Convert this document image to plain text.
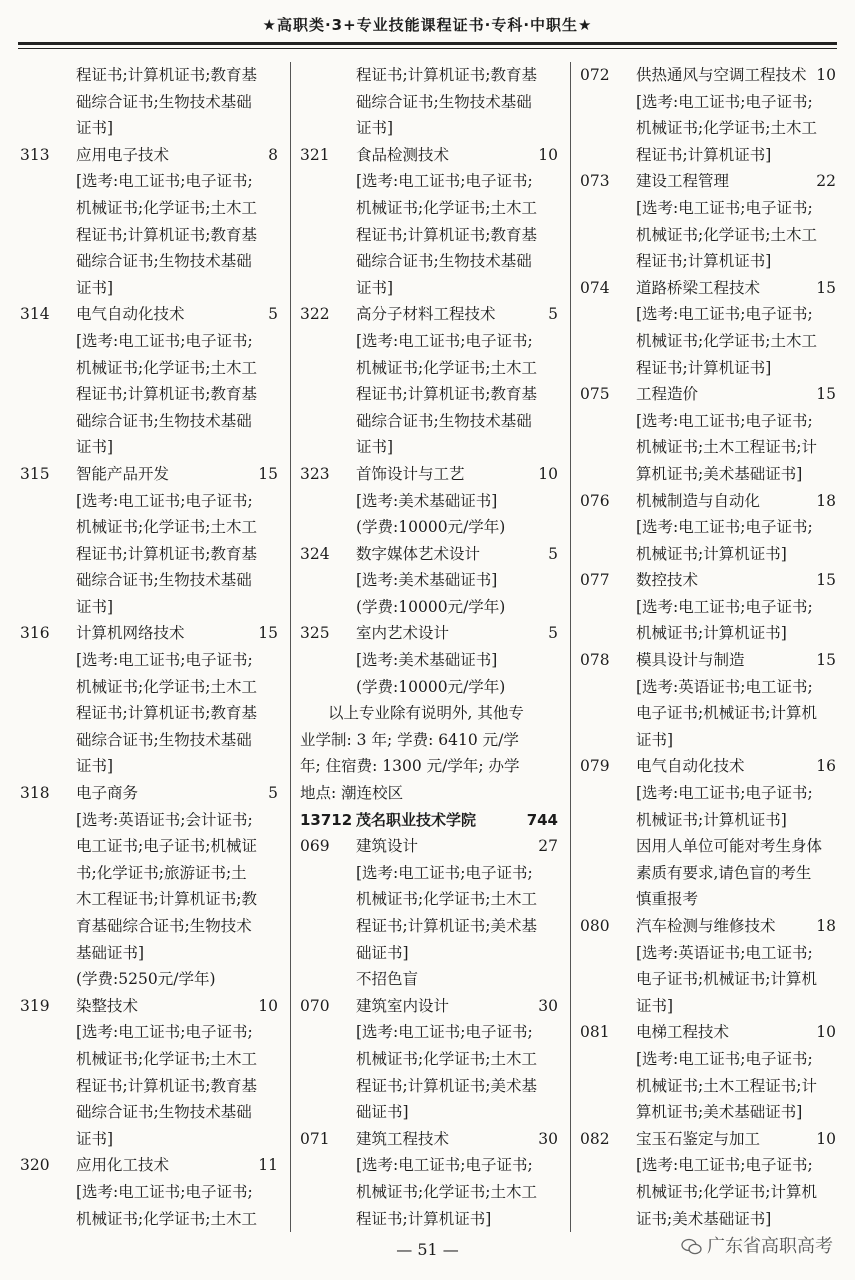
★高职类·3+专业技能课程证书·专科·中职生★
程证书;计算机证书;教育基
础综合证书;生物技术基础
证书]
313	应用电子技术	8
[选考:电工证书;电子证书;
机械证书;化学证书;土木工
程证书;计算机证书;教育基
础综合证书;生物技术基础
证书]
314	电气自动化技术	5
[选考:电工证书;电子证书;
机械证书;化学证书;土木工
程证书;计算机证书;教育基
础综合证书;生物技术基础
证书]
315	智能产品开发	15
[选考:电工证书;电子证书;
机械证书;化学证书;土木工
程证书;计算机证书;教育基
础综合证书;生物技术基础
证书]
316	计算机网络技术	15
[选考:电工证书;电子证书;
机械证书;化学证书;土木工
程证书;计算机证书;教育基
础综合证书;生物技术基础
证书]
318	电子商务	5
[选考:英语证书;会计证书;
电工证书;电子证书;机械证
书;化学证书;旅游证书;土
木工程证书;计算机证书;教
育基础综合证书;生物技术
基础证书]
(学费:5250元/学年)
319	染整技术	10
[选考:电工证书;电子证书;
机械证书;化学证书;土木工
程证书;计算机证书;教育基
础综合证书;生物技术基础
证书]
320	应用化工技术	11
[选考:电工证书;电子证书;
机械证书;化学证书;土木工
程证书;计算机证书;教育基
础综合证书;生物技术基础
证书]
321	食品检测技术	10
[选考:电工证书;电子证书;
机械证书;化学证书;土木工
程证书;计算机证书;教育基
础综合证书;生物技术基础
证书]
322	高分子材料工程技术	5
[选考:电工证书;电子证书;
机械证书;化学证书;土木工
程证书;计算机证书;教育基
础综合证书;生物技术基础
证书]
323	首饰设计与工艺	10
[选考:美术基础证书]
(学费:10000元/学年)
324	数字媒体艺术设计	5
[选考:美术基础证书]
(学费:10000元/学年)
325	室内艺术设计	5
[选考:美术基础证书]
(学费:10000元/学年)
以上专业除有说明外, 其他专
业学制: 3 年; 学费: 6410 元/学
年; 住宿费: 1300 元/学年; 办学
地点: 潮连校区
13712 茂名职业技术学院	744
069	建筑设计	27
[选考:电工证书;电子证书;
机械证书;化学证书;土木工
程证书;计算机证书;美术基
础证书]
不招色盲
070	建筑室内设计	30
[选考:电工证书;电子证书;
机械证书;化学证书;土木工
程证书;计算机证书;美术基
础证书]
071	建筑工程技术	30
[选考:电工证书;电子证书;
机械证书;化学证书;土木工
程证书;计算机证书]
072	供热通风与空调工程技术 10
[选考:电工证书;电子证书;
机械证书;化学证书;土木工
程证书;计算机证书]
073	建设工程管理	22
[选考:电工证书;电子证书;
机械证书;化学证书;土木工
程证书;计算机证书]
074	道路桥梁工程技术	15
[选考:电工证书;电子证书;
机械证书;化学证书;土木工
程证书;计算机证书]
075	工程造价	15
[选考:电工证书;电子证书;
机械证书;土木工程证书;计
算机证书;美术基础证书]
076	机械制造与自动化	18
[选考:电工证书;电子证书;
机械证书;计算机证书]
077	数控技术	15
[选考:电工证书;电子证书;
机械证书;计算机证书]
078	模具设计与制造	15
[选考:英语证书;电工证书;
电子证书;机械证书;计算机
证书]
079	电气自动化技术	16
[选考:电工证书;电子证书;
机械证书;计算机证书]
因用人单位可能对考生身体
素质有要求,请色盲的考生
慎重报考
080	汽车检测与维修技术	18
[选考:英语证书;电工证书;
电子证书;机械证书;计算机
证书]
081	电梯工程技术	10
[选考:电工证书;电子证书;
机械证书;土木工程证书;计
算机证书;美术基础证书]
082	宝玉石鉴定与加工	10
[选考:电工证书;电子证书;
机械证书;化学证书;计算机
证书;美术基础证书]
— 51 —	广东省高职高考
